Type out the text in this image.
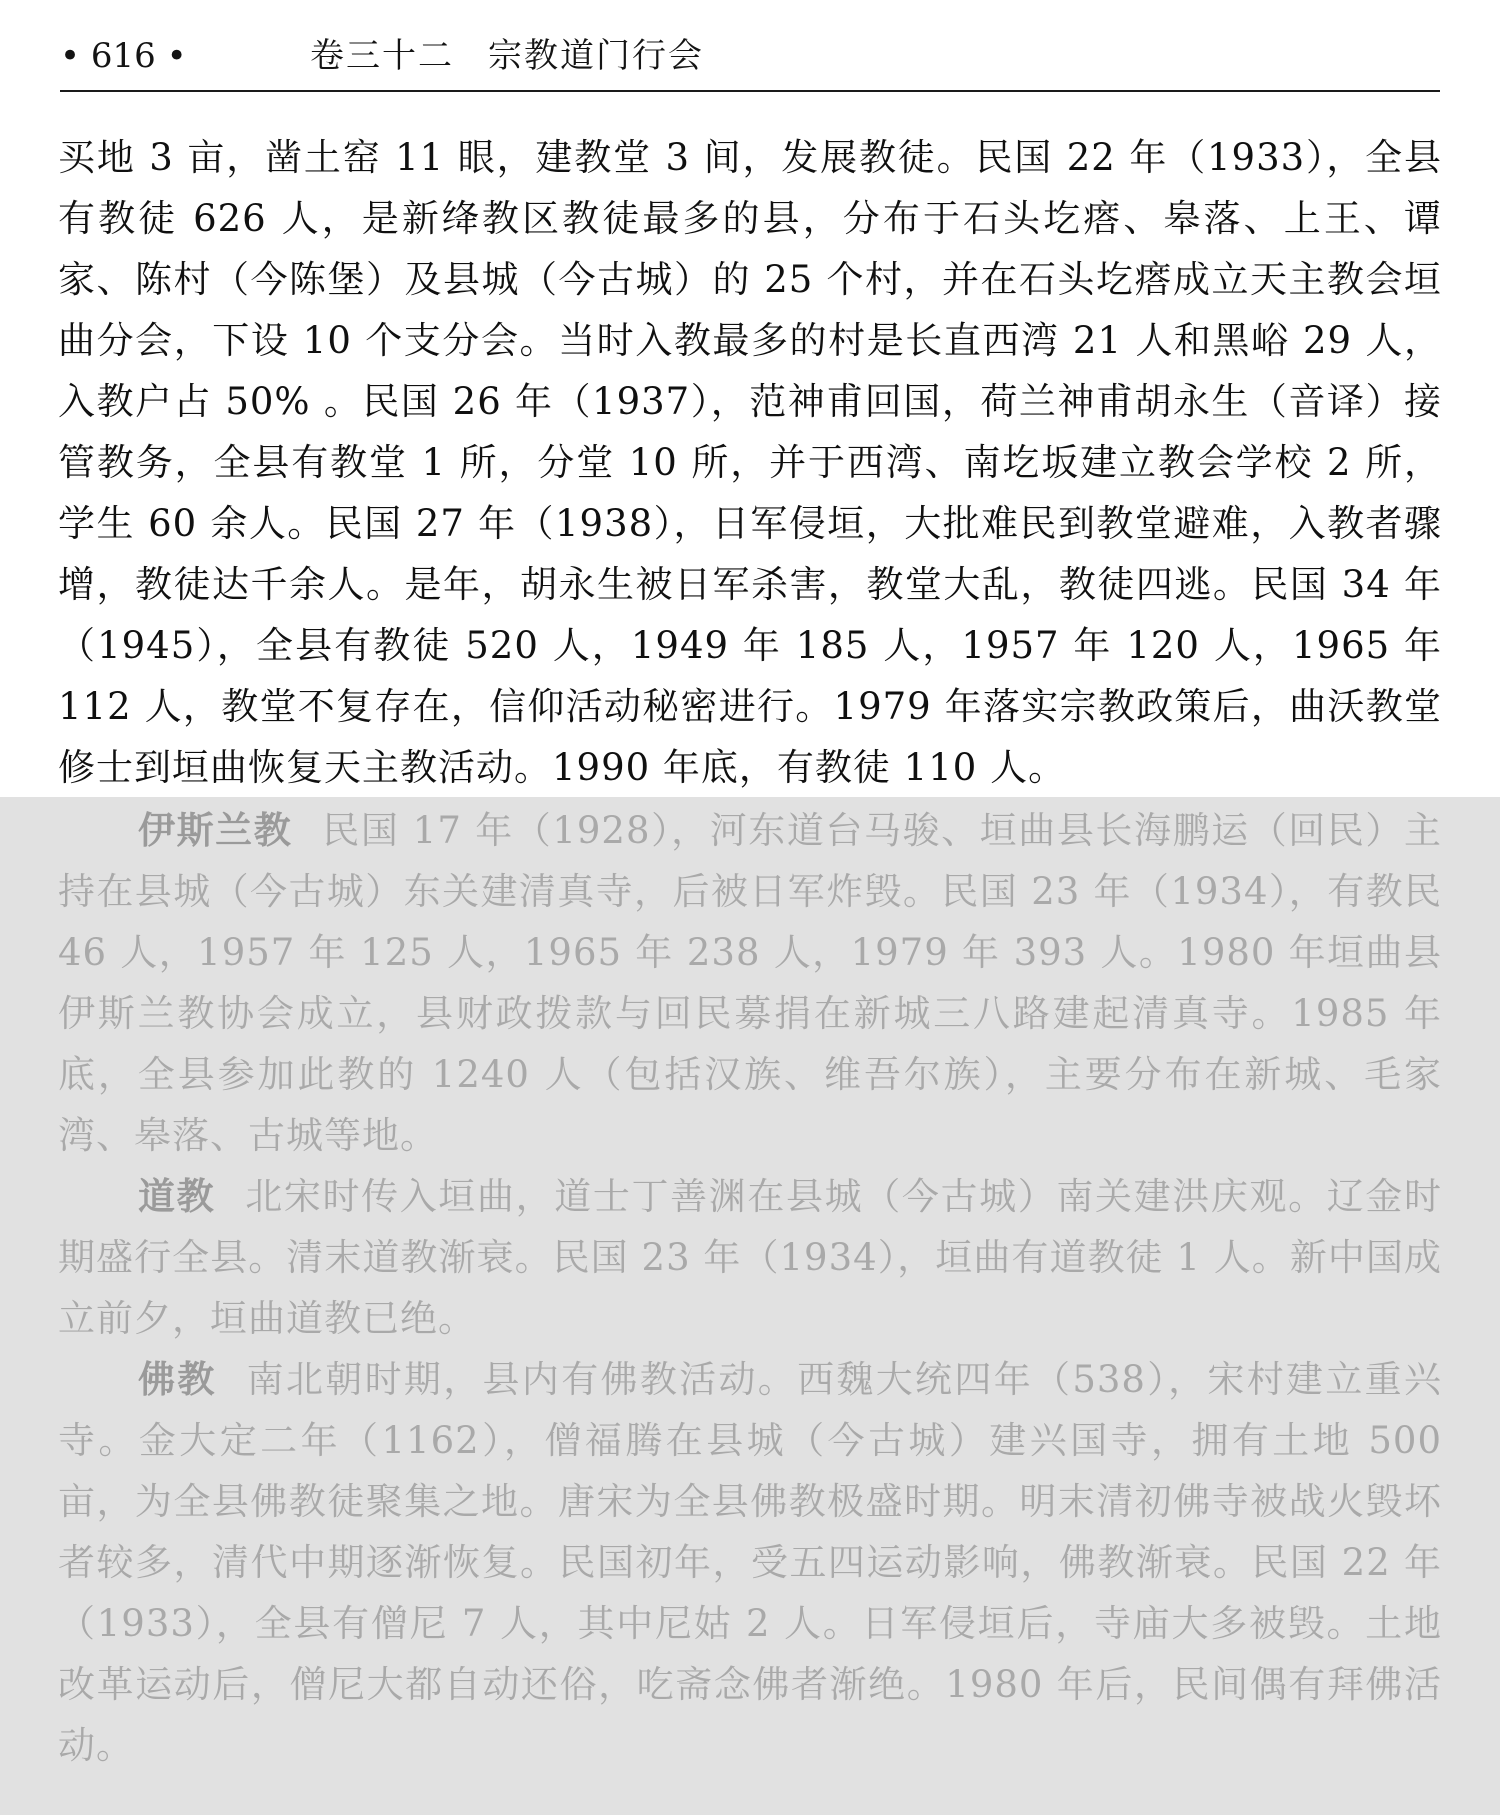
• 616 •	卷三十二 宗教道门行会
买地 3 亩，凿土窑 11 眼，建教堂 3 间，发展教徒。民国 22 年（1933），全县有教徒 626 人，是新绛教区教徒最多的县，分布于石头圪瘩、皋落、上王、谭家、陈村（今陈堡）及县城（今古城）的 25 个村，并在石头圪瘩成立天主教会垣曲分会，下设 10 个支分会。当时入教最多的村是长直西湾 21 人和黑峪 29 人，入教户占 50% 。民国 26 年（1937），范神甫回国，荷兰神甫胡永生（音译）接管教务，全县有教堂 1 所，分堂 10 所，并于西湾、南圪坂建立教会学校 2 所，学生 60 余人。民国 27 年（1938），日军侵垣，大批难民到教堂避难，入教者骤增，教徒达千余人。是年，胡永生被日军杀害，教堂大乱，教徒四逃。民国 34 年（1945），全县有教徒 520 人，1949 年 185 人，1957 年 120 人，1965 年 112 人，教堂不复存在，信仰活动秘密进行。1979 年落实宗教政策后，曲沃教堂修士到垣曲恢复天主教活动。1990 年底，有教徒 110 人。

伊斯兰教 民国 17 年（1928），河东道台马骏、垣曲县长海鹏运（回民）主持在县城（今古城）东关建清真寺，后被日军炸毁。民国 23 年（1934），有教民 46 人，1957 年 125 人，1965 年 238 人，1979 年 393 人。1980 年垣曲县伊斯兰教协会成立，县财政拨款与回民募捐在新城三八路建起清真寺。1985 年底，全县参加此教的 1240 人（包括汉族、维吾尔族），主要分布在新城、毛家湾、皋落、古城等地。

道教 北宋时传入垣曲，道士丁善渊在县城（今古城）南关建洪庆观。辽金时期盛行全县。清末道教渐衰。民国 23 年（1934），垣曲有道教徒 1 人。新中国成立前夕，垣曲道教已绝。

佛教 南北朝时期，县内有佛教活动。西魏大统四年（538），宋村建立重兴寺。金大定二年（1162），僧福腾在县城（今古城）建兴国寺，拥有土地 500 亩，为全县佛教徒聚集之地。唐宋为全县佛教极盛时期。明末清初佛寺被战火毁坏者较多，清代中期逐渐恢复。民国初年，受五四运动影响，佛教渐衰。民国 22 年（1933），全县有僧尼 7 人，其中尼姑 2 人。日军侵垣后，寺庙大多被毁。土地改革运动后，僧尼大都自动还俗，吃斋念佛者渐绝。1980 年后，民间偶有拜佛活动。
